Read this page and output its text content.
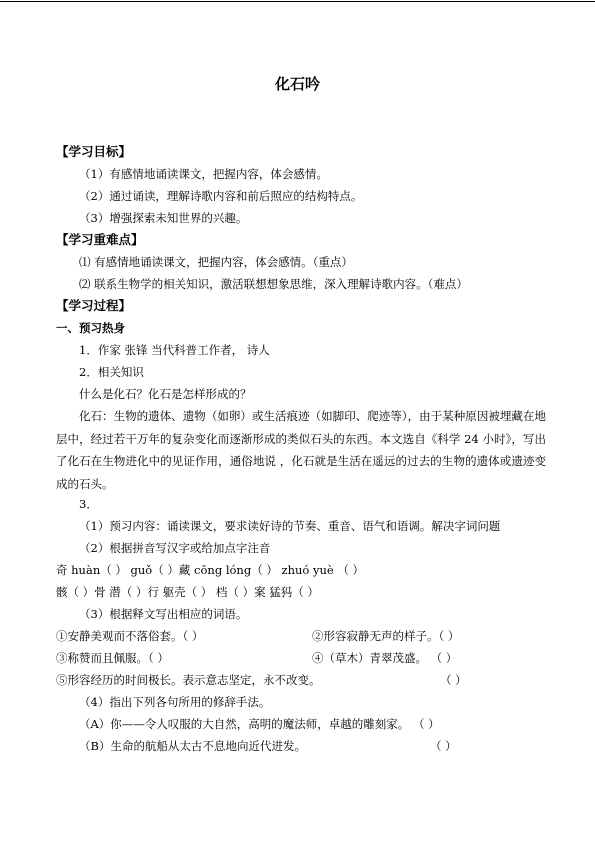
化石吟
【学习目标】
（1）有感情地诵读课文，把握内容，体会感情。
（2）通过诵读，理解诗歌内容和前后照应的结构特点。
（3）增强探索未知世界的兴趣。
【学习重难点】
⑴ 有感情地诵读课文，把握内容，体会感情。（重点）
⑵ 联系生物学的相关知识，激活联想想象思维，深入理解诗歌内容。（难点）
【学习过程】
一、预习热身
1．作家 张锋 当代科普工作者， 诗人
2．相关知识
什么是化石？化石是怎样形成的？
化石：生物的遗体、遗物（如卵）或生活痕迹（如脚印、爬迹等），由于某种原因被埋藏在地层中，经过若干万年的复杂变化而逐渐形成的类似石头的东西。本文选自《科学 24 小时》，写出了化石在生物进化中的见证作用，通俗地说 ，化石就是生活在遥远的过去的生物的遗体或遗迹变成的石头。
3．
（1）预习内容：诵读课文，要求读好诗的节奏、重音、语气和语调。解决字词问题
（2）根据拼音写汉字或给加点字注音
奇 huàn（ ） guǒ（ ）藏 cōng lóng（ ） zhuó yuè （ ）
骸（ ）骨 潜（ ）行 躯壳（ ） 档（ ）案 猛犸（ ）
（3）根据释文写出相应的词语。
①安静美观而不落俗套。（ ）	②形容寂静无声的样子。（ ）
③称赞而且佩服。（ ）	④（草木）青翠茂盛。 （ ）
⑤形容经历的时间极长。表示意志坚定，永不改变。	（ ）
（4）指出下列各句所用的修辞手法。
（A）你——令人叹服的大自然，高明的魔法师，卓越的雕刻家。 （ ）
（B）生命的航船从太古不息地向近代进发。	（ ）
